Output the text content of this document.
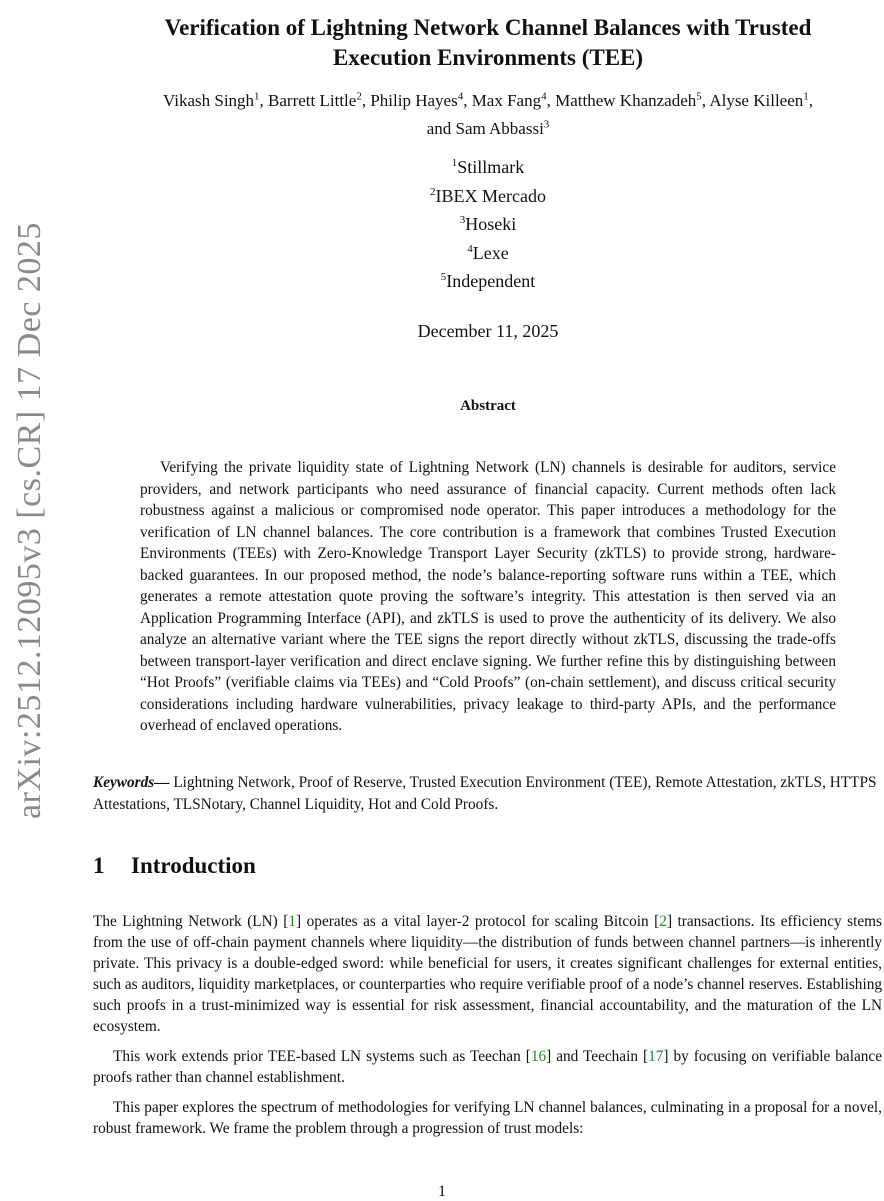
arXiv:2512.12095v3 [cs.CR] 17 Dec 2025
Verification of Lightning Network Channel Balances with Trusted
Execution Environments (TEE)
Vikash Singh$^1$, Barrett Little$^2$, Philip Hayes$^4$, Max Fang$^4$, Matthew Khanzadeh$^5$, Alyse Killeen$^1$,
and Sam Abbassi$^3$
$^1$Stillmark
$^2$IBEX Mercado
$^3$Hoseki
$^4$Lexe
$^5$Independent
December 11, 2025
Abstract

Verifying the private liquidity state of Lightning Network (LN) channels is desirable for auditors, service providers, and network participants who need assurance of financial capacity. Current methods often lack robustness against a malicious or compromised node operator. This paper introduces a methodology for the verification of LN channel balances. The core contribution is a framework that combines Trusted Execution Environments (TEEs) with Zero-Knowledge Transport Layer Security (zkTLS) to provide strong, hardware-backed guarantees. In our proposed method, the node’s balance-reporting software runs within a TEE, which generates a remote attestation quote proving the software’s integrity. This attestation is then served via an Application Programming Interface (API), and zkTLS is used to prove the authenticity of its delivery. We also analyze an alternative variant where the TEE signs the report directly without zkTLS, discussing the trade-offs between transport-layer verification and direct enclave signing. We further refine this by distinguishing between “Hot Proofs” (verifiable claims via TEEs) and “Cold Proofs” (on-chain settlement), and discuss critical security considerations including hardware vulnerabilities, privacy leakage to third-party APIs, and the performance overhead of enclaved operations.

Keywords— Lightning Network, Proof of Reserve, Trusted Execution Environment (TEE), Remote Attestation, zkTLS, HTTPS Attestations, TLSNotary, Channel Liquidity, Hot and Cold Proofs.

1 Introduction

The Lightning Network (LN) [1] operates as a vital layer-2 protocol for scaling Bitcoin [2] transactions. Its efficiency stems from the use of off-chain payment channels where liquidity—the distribution of funds between channel partners—is inherently private. This privacy is a double-edged sword: while beneficial for users, it creates significant challenges for external entities, such as auditors, liquidity marketplaces, or counterparties who require verifiable proof of a node’s channel reserves. Establishing such proofs in a trust-minimized way is essential for risk assessment, financial accountability, and the maturation of the LN ecosystem.

This work extends prior TEE-based LN systems such as Teechan [16] and Teechain [17] by focusing on verifiable balance proofs rather than channel establishment.

This paper explores the spectrum of methodologies for verifying LN channel balances, culminating in a proposal for a novel, robust framework. We frame the problem through a progression of trust models:

1
